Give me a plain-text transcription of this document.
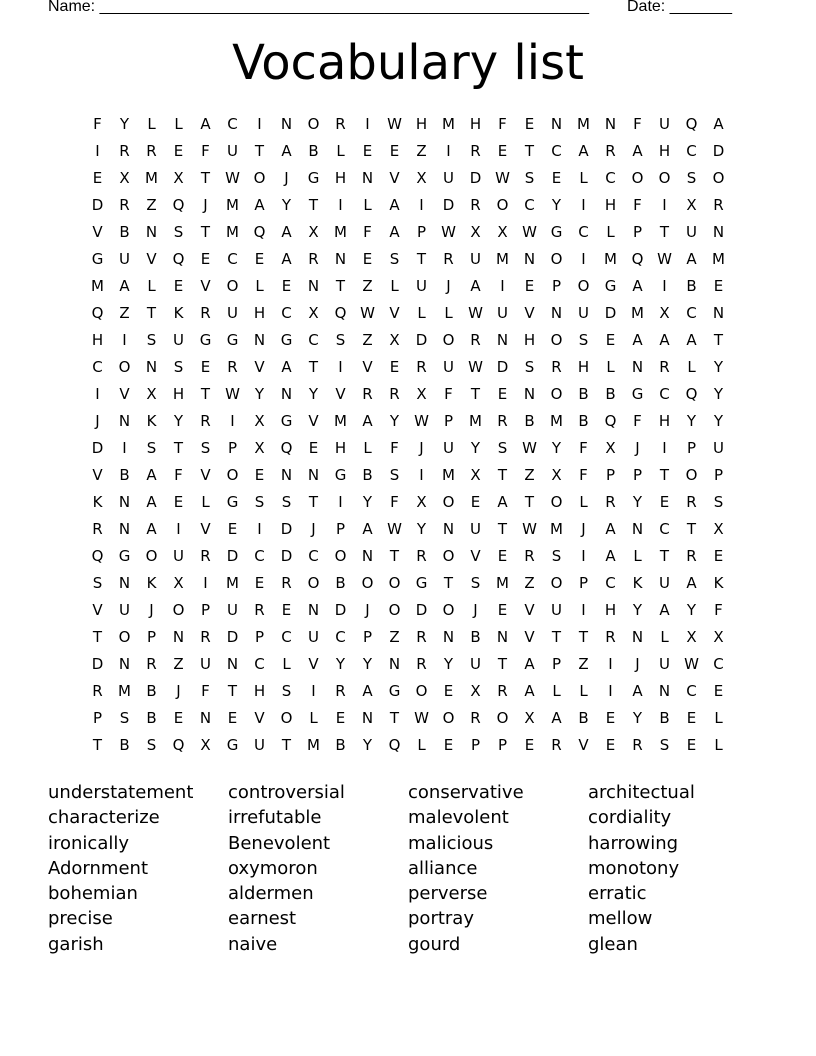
Name: _______________________________________________________ Date: _______
Vocabulary list
F	Y	L	L	A	C	I	N	O	R	I	W H M H	F	E	N M N	F	U	Q	A
I	R	R	E	F	U	T	A	B	L	E	E	Z	I	R	E	T	C	A	R	A	H	C	D
E	X	M	X	T	W O	J	G	H	N	V	X	U	D W S	E	L	C	O	O	S	O
D	R	Z	Q	J	M	A	Y	T	I	L	A	I	D	R	O	C	Y	I	H	F	I	X	R
V	B	N	S	T	M Q	A	X	M	F	A	P	W X	X W G	C	L	P	T	U	N
G	U	V	Q	E	C	E	A	R	N	E	S	T	R	U	M N	O	I	M Q W A	M
M	A	L	E	V	O	L	E	N	T	Z	L	U	J	A	I	E	P	O	G	A	I	B	E
Q	Z	T	K	R	U	H	C	X	Q W V	L	L	W U	V	N	U	D M	X	C	N
H	I	S	U	G	G	N	G	C	S	Z	X	D	O	R	N	H	O	S	E	A	A	A	T
C	O	N	S	E	R	V	A	T	I	V	E	R	U W D	S	R	H	L	N	R	L	Y
I	V	X	H	T	W Y	N	Y	V	R	R	X	F	T	E	N	O	B	B	G	C	Q	Y
J	N	K	Y	R	I	X	G	V	M	A	Y	W	P	M	R	B	M	B	Q	F	H	Y	Y
D	I	S	T	S	P	X	Q	E	H	L	F	J	U	Y	S W Y	F	X	J	I	P	U
V	B	A	F	V	O	E	N	N	G	B	S	I	M	X	T	Z	X	F	P	P	T	O	P
K	N	A	E	L	G	S	S	T	I	Y	F	X	O	E	A	T	O	L	R	Y	E	R	S
R	N	A	I	V	E	I	D	J	P	A W Y	N	U	T	W M	J	A	N	C	T	X
Q	G	O	U	R	D	C	D	C	O	N	T	R	O	V	E	R	S	I	A	L	T	R	E
S	N	K	X	I	M	E	R	O	B	O	O	G	T	S	M	Z	O	P	C	K	U	A	K
V	U	J	O	P	U	R	E	N	D	J	O	D	O	J	E	V	U	I	H	Y	A	Y	F
T	O	P	N	R	D	P	C	U	C	P	Z	R	N	B	N	V	T	T	R	N	L	X	X
D	N	R	Z	U	N	C	L	V	Y	Y	N	R	Y	U	T	A	P	Z	I	J	U W C
R	M	B	J	F	T	H	S	I	R	A	G	O	E	X	R	A	L	L	I	A	N	C	E
P	S	B	E	N	E	V	O	L	E	N	T	W O	R	O	X	A	B	E	Y	B	E	L
T	B	S	Q	X	G	U	T	M	B	Y	Q	L	E	P	P	E	R	V	E	R	S	E	L
understatement
characterize
ironically
Adornment
bohemian
precise
garish
controversial
irrefutable
Benevolent
oxymoron
aldermen
earnest
naive
conservative
malevolent
malicious
alliance
perverse
portray
gourd
architectual
cordiality
harrowing
monotony
erratic
mellow
glean
